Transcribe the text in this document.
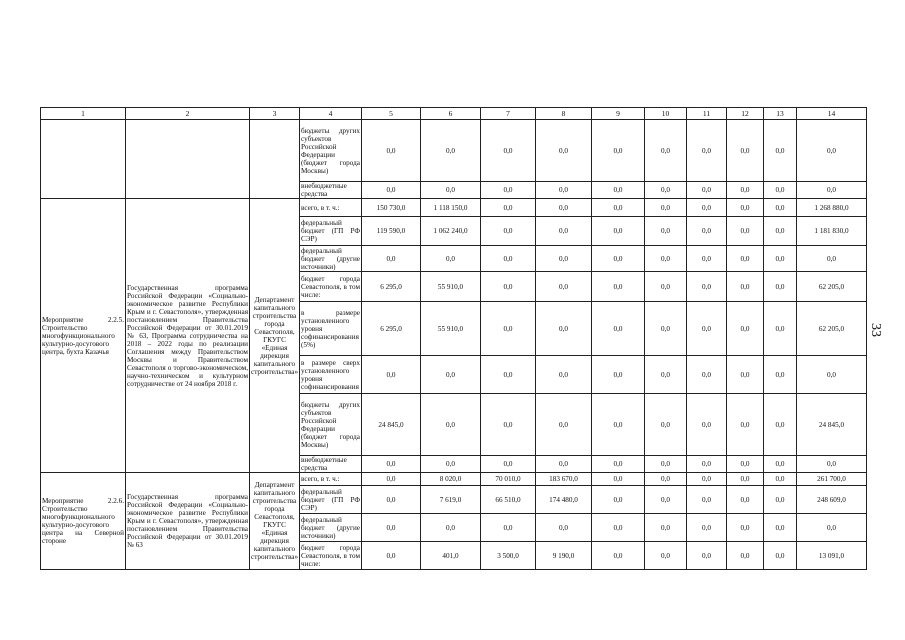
1	2	3	4	5	6	7	8	9	10	11	12	13	14
			бюджеты других субъектов Российской Федерации (бюджет города Москвы)	0,0	0,0	0,0	0,0	0,0	0,0	0,0	0,0	0,0	0,0
			внебюджетные средства	0,0	0,0	0,0	0,0	0,0	0,0	0,0	0,0	0,0	0,0
Мероприятие 2.2.5. Строительство многофункционального культурно-досугового центра, бухта Казачья	Государственная программа Российской Федерации «Социально-экономическое развитие Республики Крым и г. Севастополя», утвержденная постановлением Правительства Российской Федерации от 30.01.2019 № 63, Программа сотрудничества на 2018 – 2022 годы по реализации Соглашения между Правительством Москвы и Правительством Севастополя о торгово-экономическом, научно-техническом и культурном сотрудничестве от 24 ноября 2018 г.	Департамент капитального строительства города Севастополя, ГКУГС «Единая дирекция капитального строительства»	всего, в т. ч.:	150 730,0	1 118 150,0	0,0	0,0	0,0	0,0	0,0	0,0	0,0	1 268 880,0
			федеральный бюджет (ГП РФ СЭР)	119 590,0	1 062 240,0	0,0	0,0	0,0	0,0	0,0	0,0	0,0	1 181 830,0
			федеральный бюджет (другие источники)	0,0	0,0	0,0	0,0	0,0	0,0	0,0	0,0	0,0	0,0
			бюджет города Севастополя, в том числе:	6 295,0	55 910,0	0,0	0,0	0,0	0,0	0,0	0,0	0,0	62 205,0
			в размере установленного уровня софинансирования (5%)	6 295,0	55 910,0	0,0	0,0	0,0	0,0	0,0	0,0	0,0	62 205,0
			в размере сверх установленного уровня софинансирования	0,0	0,0	0,0	0,0	0,0	0,0	0,0	0,0	0,0	0,0
			бюджеты других субъектов Российской Федерации (бюджет города Москвы)	24 845,0	0,0	0,0	0,0	0,0	0,0	0,0	0,0	0,0	24 845,0
			внебюджетные средства	0,0	0,0	0,0	0,0	0,0	0,0	0,0	0,0	0,0	0,0
Мероприятие 2.2.6. Строительство многофункционального культурно-досугового центра на Северной стороне	Государственная программа Российской Федерации «Социально-экономическое развитие Республики Крым и г. Севастополя», утвержденная постановлением Правительства Российской Федерации от 30.01.2019 № 63	Департамент капитального строительства города Севастополя, ГКУГС «Единая дирекция капитального строительства»	всего, в т. ч.:	0,0	8 020,0	70 010,0	183 670,0	0,0	0,0	0,0	0,0	0,0	261 700,0
			федеральный бюджет (ГП РФ СЭР)	0,0	7 619,0	66 510,0	174 480,0	0,0	0,0	0,0	0,0	0,0	248 609,0
			федеральный бюджет (другие источники)	0,0	0,0	0,0	0,0	0,0	0,0	0,0	0,0	0,0	0,0
			бюджет города Севастополя, в том числе:	0,0	401,0	3 500,0	9 190,0	0,0	0,0	0,0	0,0	0,0	13 091,0
33
